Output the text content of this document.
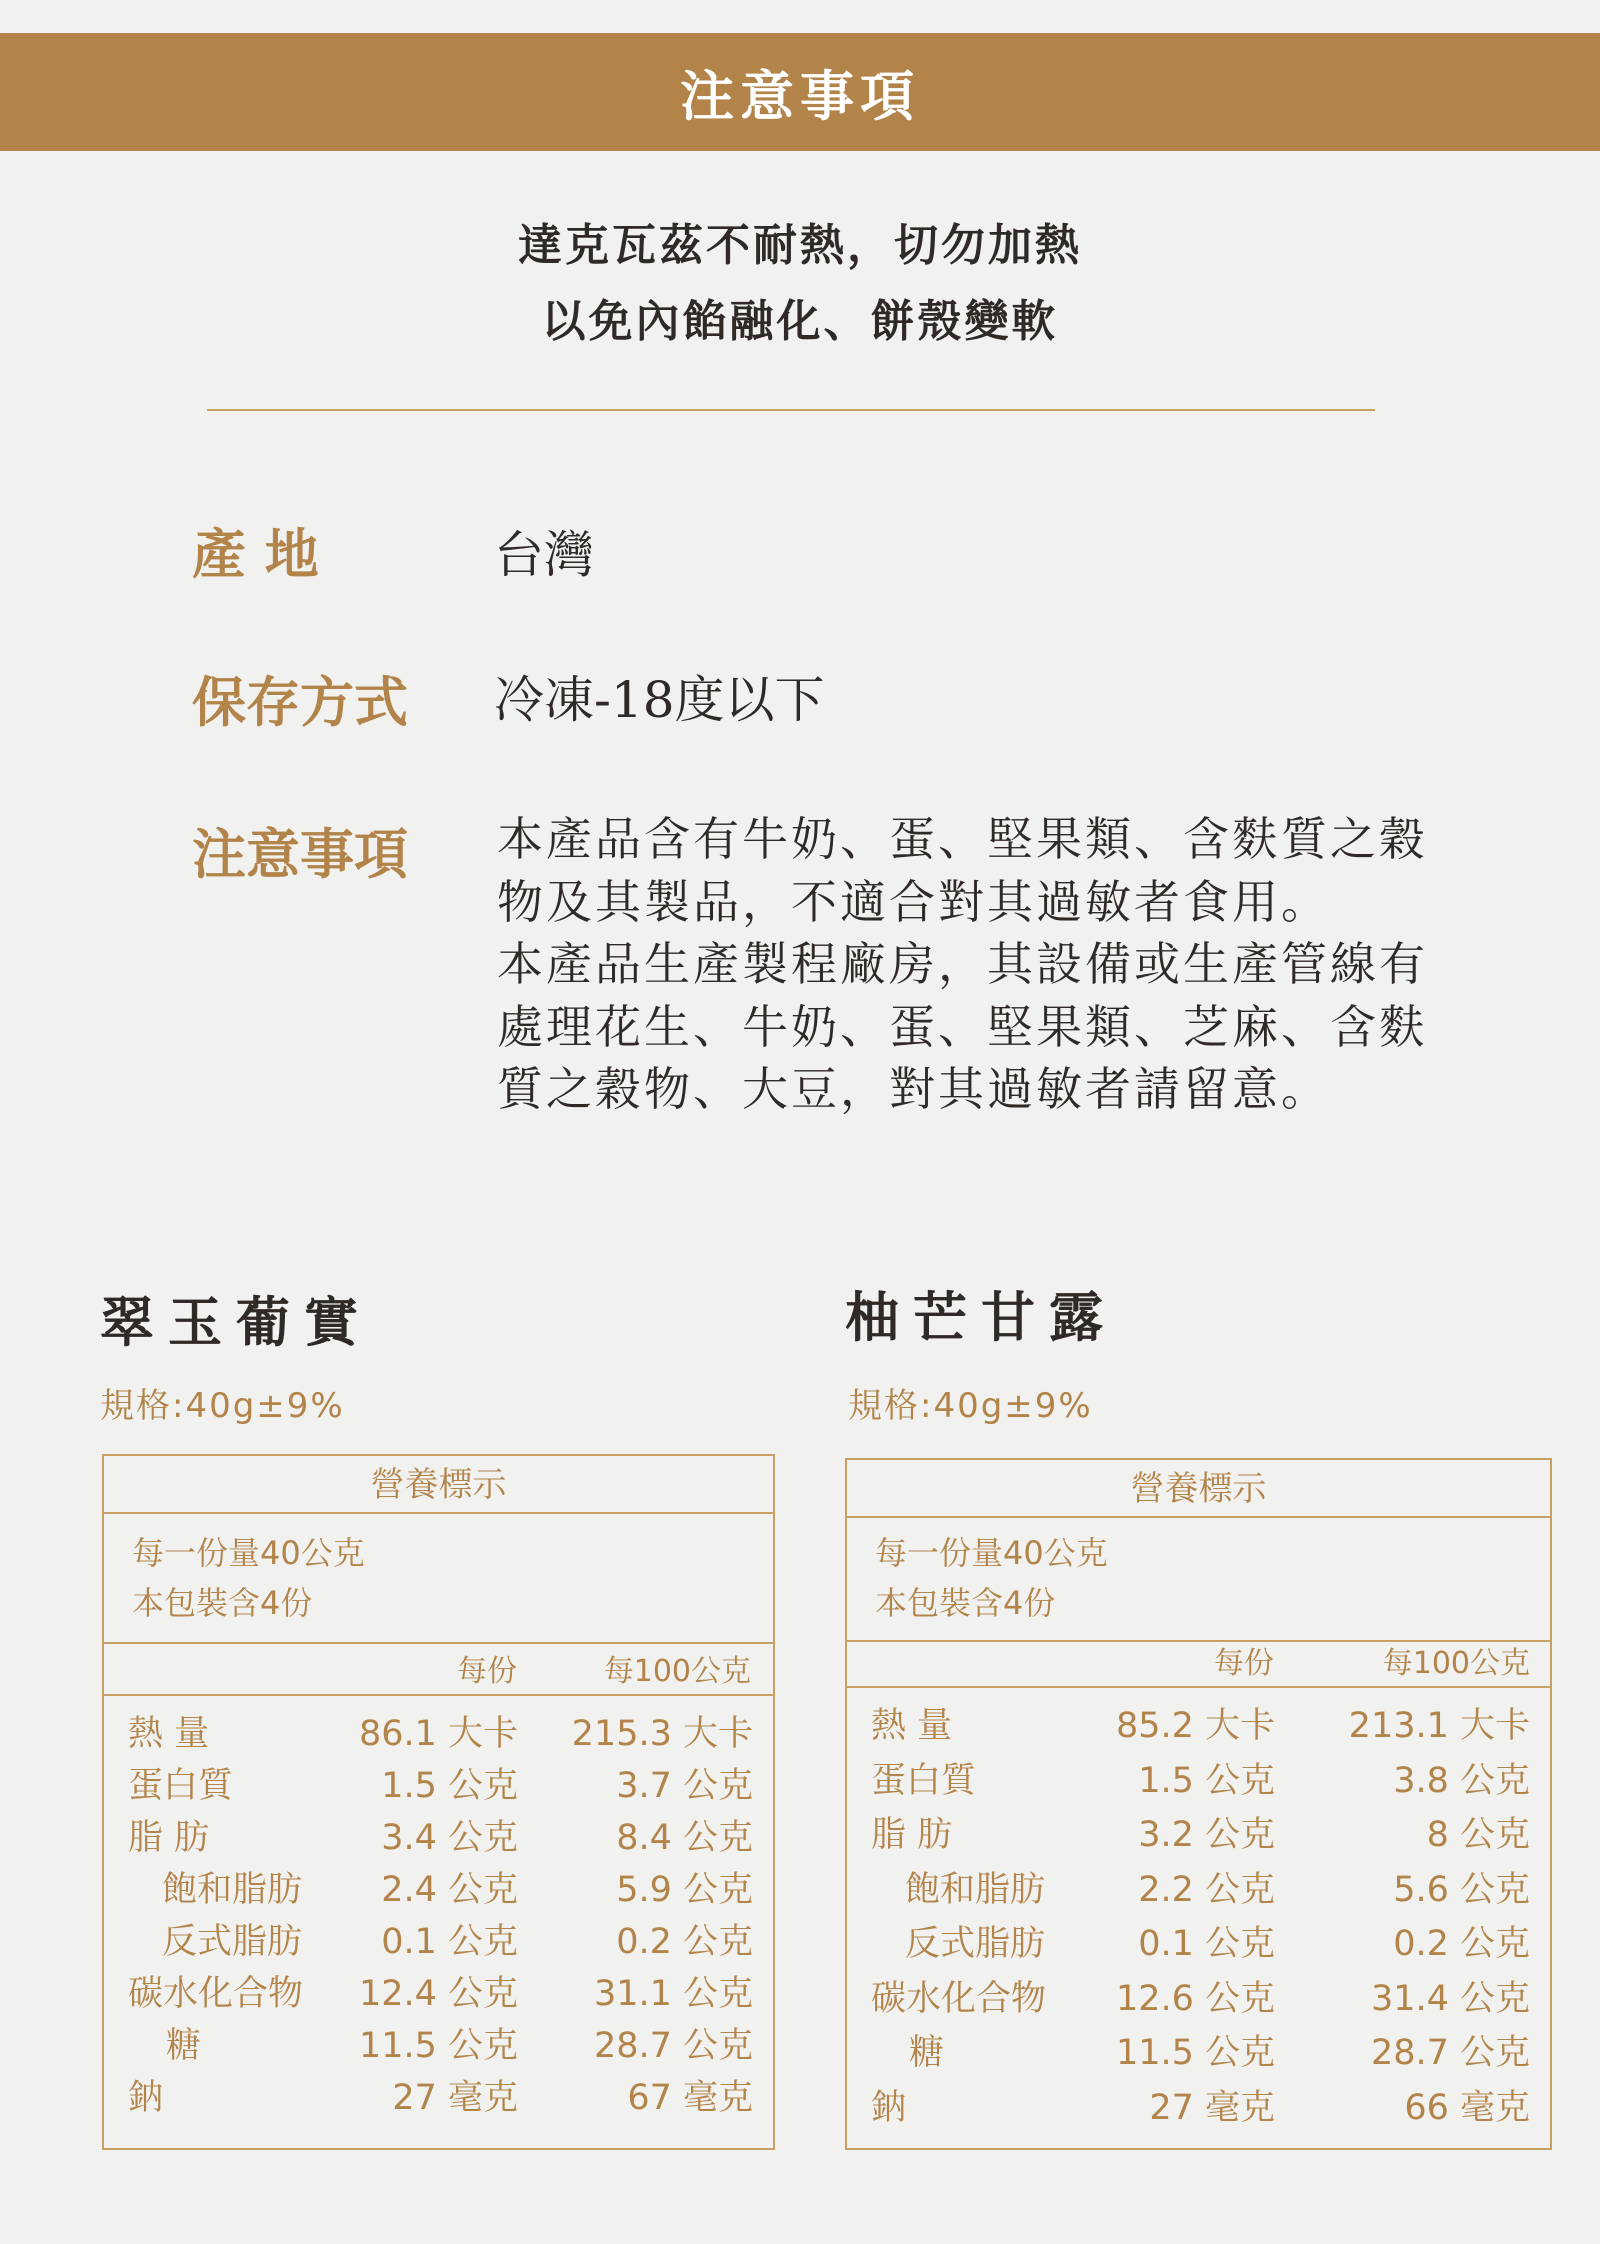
注意事項
達克瓦茲不耐熱，切勿加熱
以免內餡融化、餅殼變軟
產 地	台灣
保存方式 冷凍-18度以下
注意事項 本產品含有牛奶、蛋、堅果類、含麩質之穀
物及其製品，不適合對其過敏者食用。
本產品生產製程廠房，其設備或生產管線有
處理花生、牛奶、蛋、堅果類、芝麻、含麩
質之穀物、大豆，對其過敏者請留意。
翠玉葡實
規格:40g±9%
營養標示
每一份量40公克
本包裝含4份
每份	每100公克
熱 量	86.1 大卡 215.3 大卡
蛋白質	1.5 公克	3.7 公克
脂 肪	3.4 公克	8.4 公克
飽和脂肪 2.4 公克	5.9 公克
反式脂肪 0.1 公克	0.2 公克
碳水化合物 12.4 公克 31.1 公克
糖	11.5 公克 28.7 公克
鈉	27 毫克	67 毫克
柚芒甘露
規格:40g±9%
營養標示
每一份量40公克
本包裝含4份
每份	每100公克
熱 量	85.2 大卡 213.1 大卡
蛋白質	1.5 公克	3.8 公克
脂 肪	3.2 公克	8 公克
飽和脂肪	2.2 公克	5.6 公克
反式脂肪	0.1 公克	0.2 公克
碳水化合物 12.6 公克	31.4 公克
糖	11.5 公克	28.7 公克
鈉	27 毫克	66 毫克
